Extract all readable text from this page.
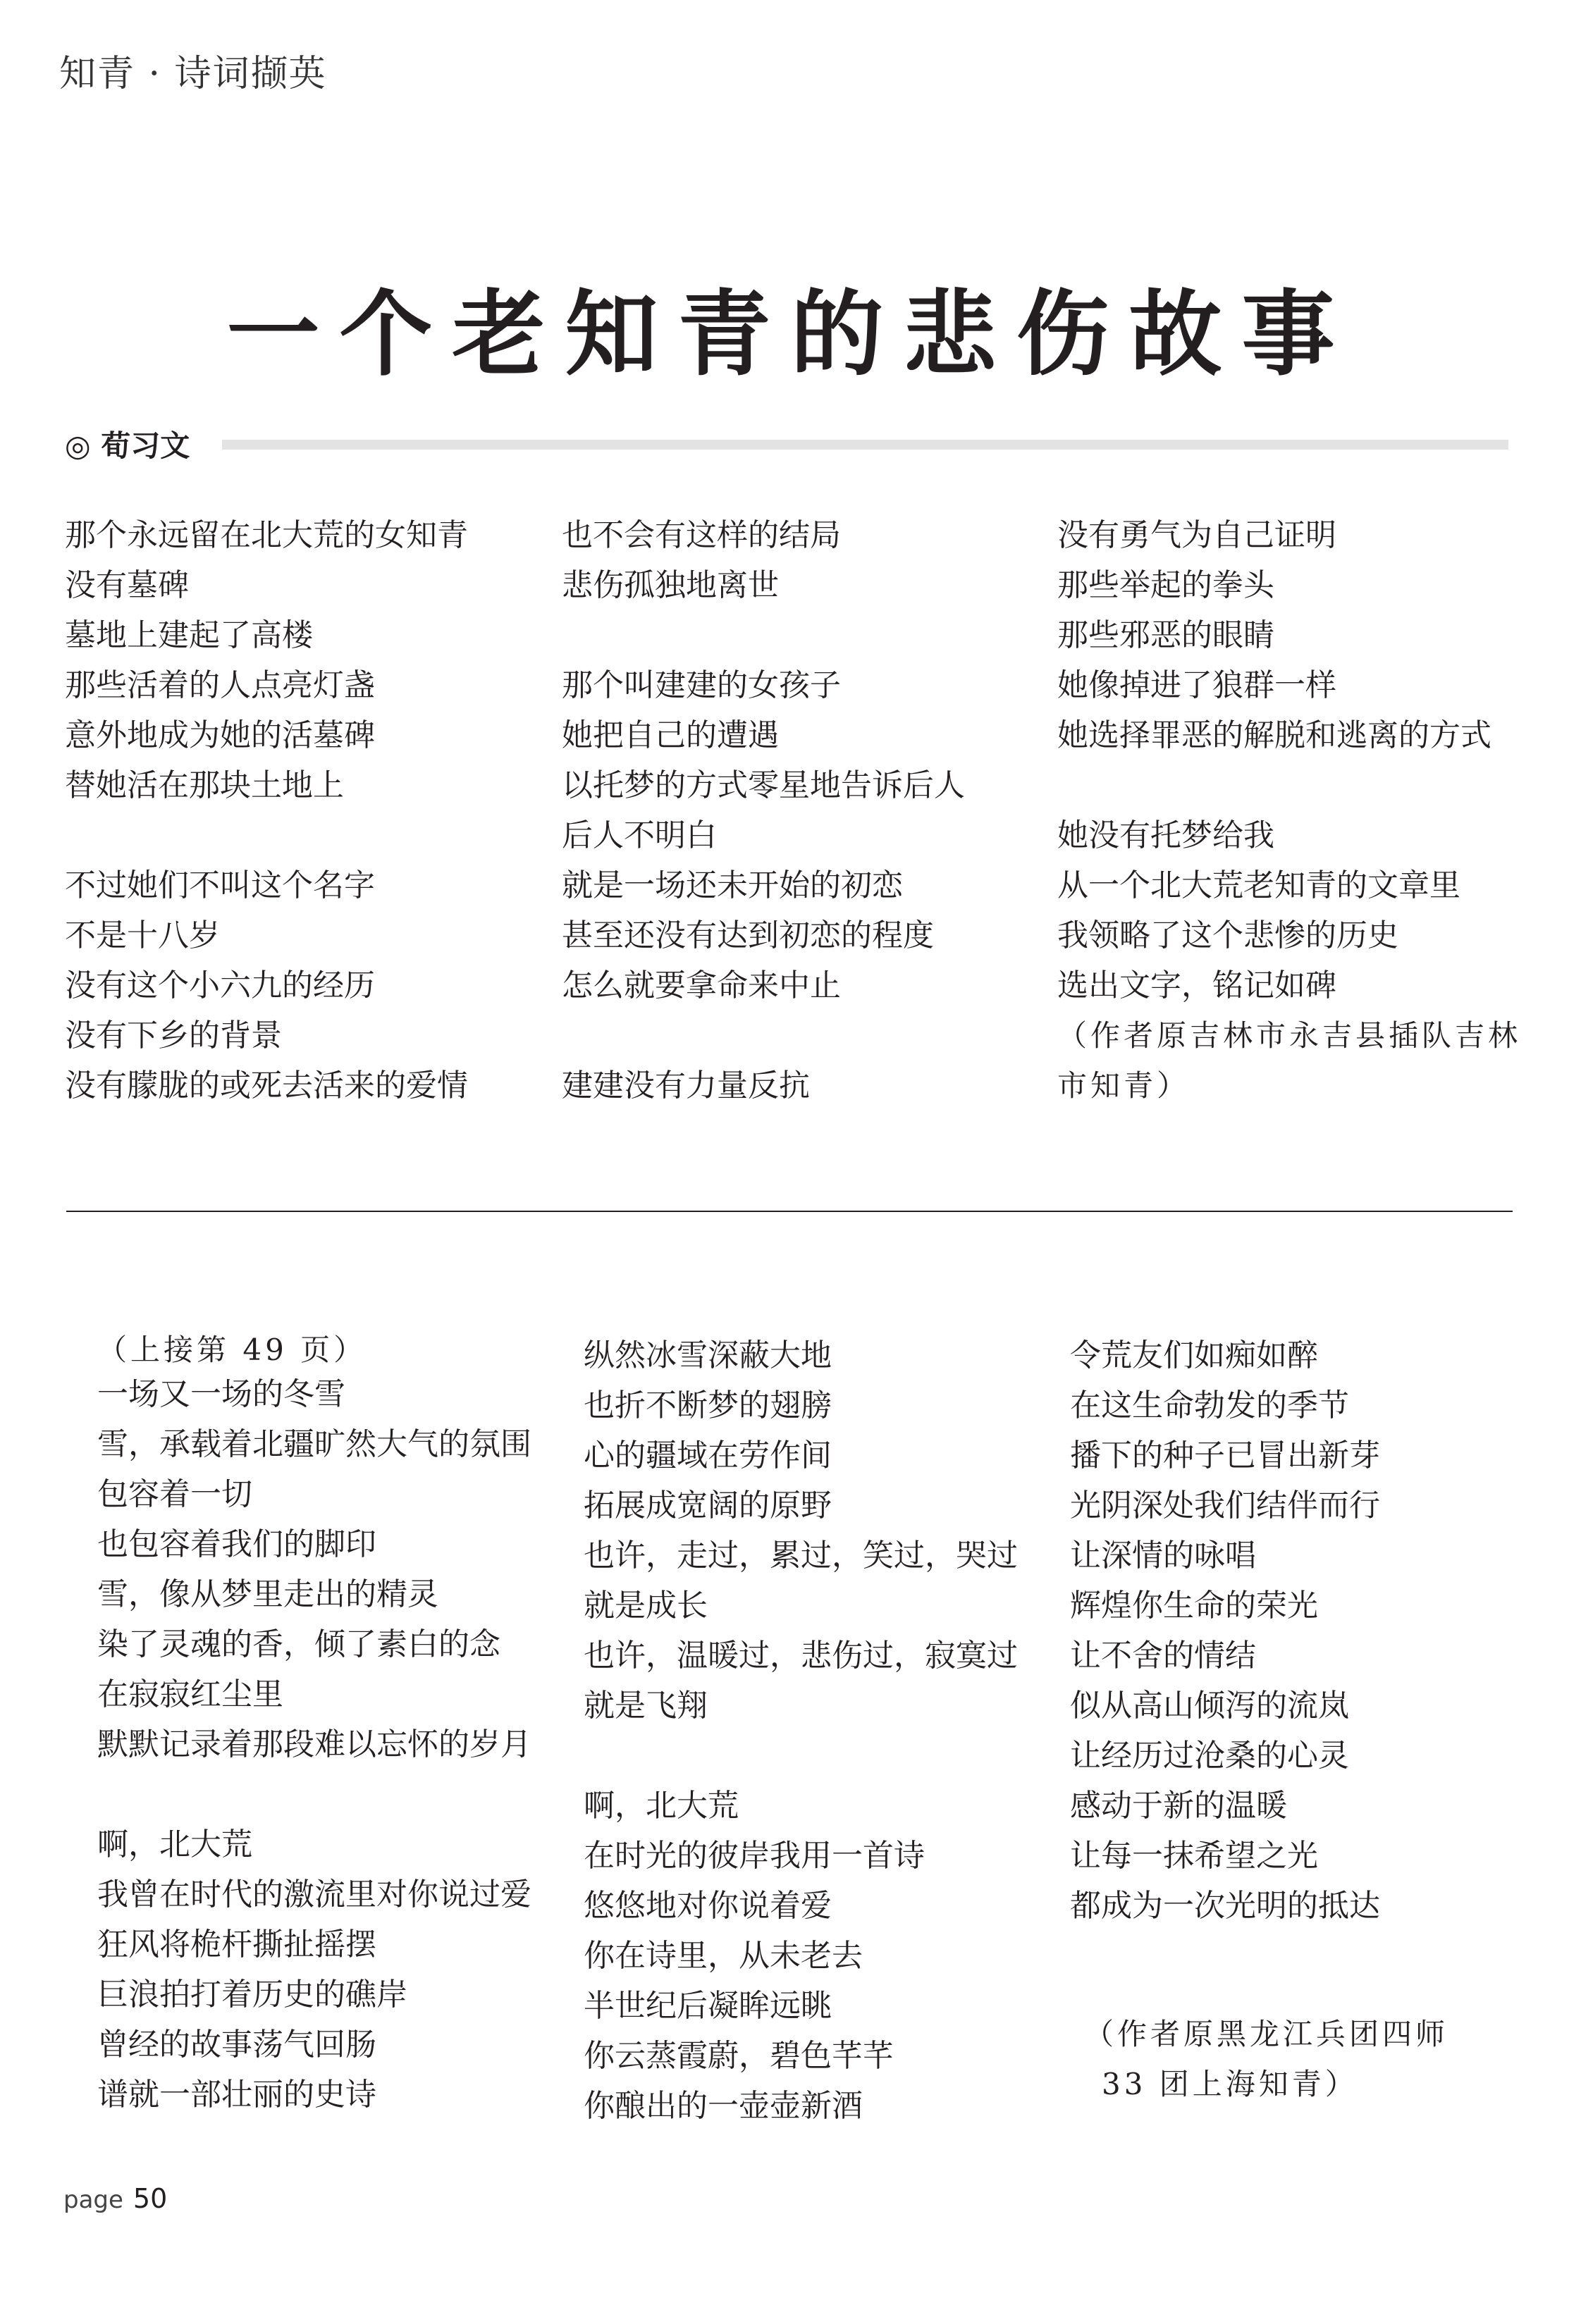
知青 · 诗词撷英
一个老知青的悲伤故事
◎ 荀习文
那个永远留在北大荒的女知青
没有墓碑
墓地上建起了高楼
那些活着的人点亮灯盏
意外地成为她的活墓碑
替她活在那块土地上
不过她们不叫这个名字
不是十八岁
没有这个小六九的经历
没有下乡的背景
没有朦胧的或死去活来的爱情
也不会有这样的结局
悲伤孤独地离世
那个叫建建的女孩子
她把自己的遭遇
以托梦的方式零星地告诉后人
后人不明白
就是一场还未开始的初恋
甚至还没有达到初恋的程度
怎么就要拿命来中止
建建没有力量反抗
没有勇气为自己证明
那些举起的拳头
那些邪恶的眼睛
她像掉进了狼群一样
她选择罪恶的解脱和逃离的方式
她没有托梦给我
从一个北大荒老知青的文章里
我领略了这个悲惨的历史
选出文字，铭记如碑
（作者原吉林市永吉县插队吉林
市知青）
（上接第 49 页）
一场又一场的冬雪
雪，承载着北疆旷然大气的氛围
包容着一切
也包容着我们的脚印
雪，像从梦里走出的精灵
染了灵魂的香，倾了素白的念
在寂寂红尘里
默默记录着那段难以忘怀的岁月
啊，北大荒
我曾在时代的激流里对你说过爱
狂风将桅杆撕扯摇摆
巨浪拍打着历史的礁岸
曾经的故事荡气回肠
谱就一部壮丽的史诗
纵然冰雪深蔽大地
也折不断梦的翅膀
心的疆域在劳作间
拓展成宽阔的原野
也许，走过，累过，笑过，哭过
就是成长
也许，温暖过，悲伤过，寂寞过
就是飞翔
啊，北大荒
在时光的彼岸我用一首诗
悠悠地对你说着爱
你在诗里，从未老去
半世纪后凝眸远眺
你云蒸霞蔚，碧色芊芊
你酿出的一壶壶新酒
令荒友们如痴如醉
在这生命勃发的季节
播下的种子已冒出新芽
光阴深处我们结伴而行
让深情的咏唱
辉煌你生命的荣光
让不舍的情结
似从高山倾泻的流岚
让经历过沧桑的心灵
感动于新的温暖
让每一抹希望之光
都成为一次光明的抵达
（作者原黑龙江兵团四师
33 团上海知青）
page 50
